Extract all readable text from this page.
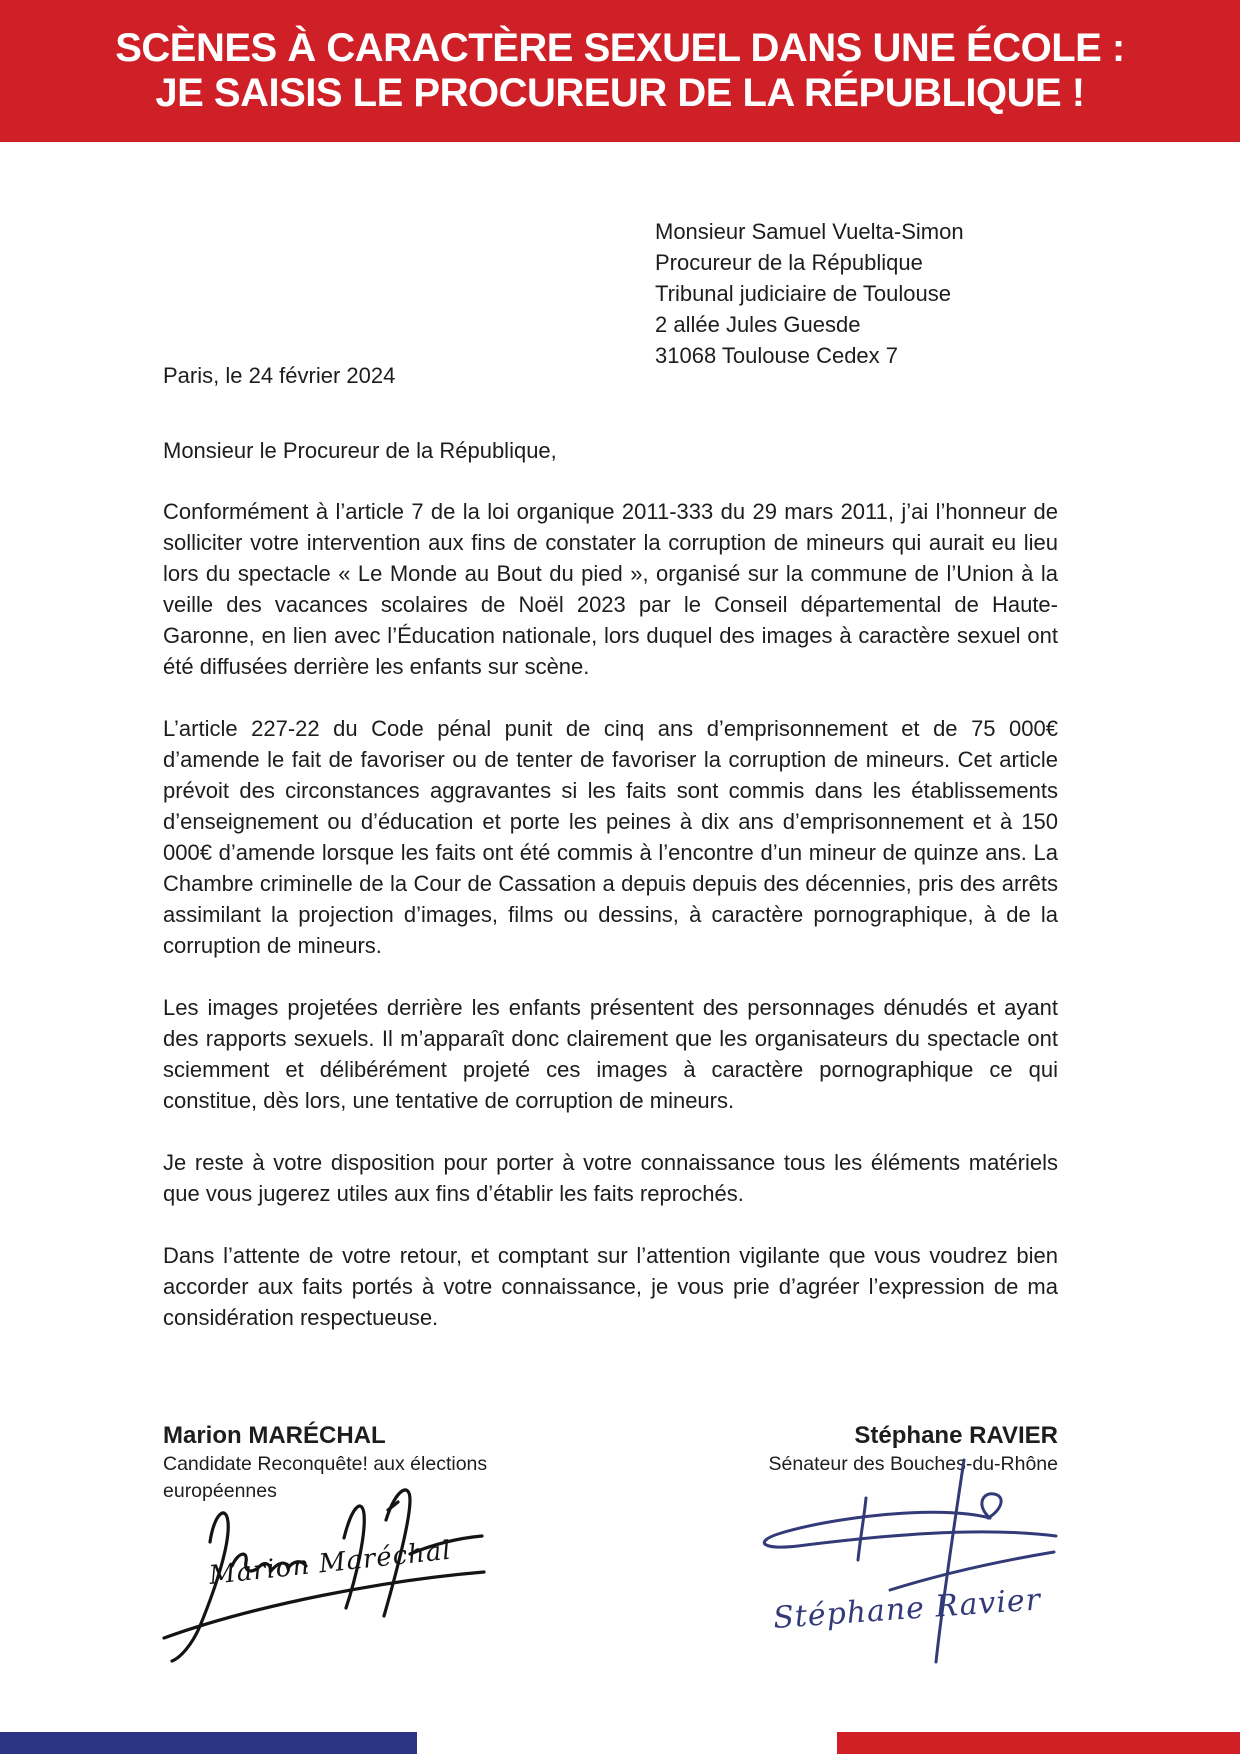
SCÈNES À CARACTÈRE SEXUEL DANS UNE ÉCOLE :
JE SAISIS LE PROCUREUR DE LA RÉPUBLIQUE !
Monsieur Samuel Vuelta-Simon
Procureur de la République
Tribunal judiciaire de Toulouse
2 allée Jules Guesde
31068 Toulouse Cedex 7
Paris, le 24 février 2024
Monsieur le Procureur de la République,

Conformément à l’article 7 de la loi organique 2011-333 du 29 mars 2011, j’ai l’honneur de solliciter votre intervention aux fins de constater la corruption de mineurs qui aurait eu lieu lors du spectacle « Le Monde au Bout du pied », organisé sur la commune de l’Union à la veille des vacances scolaires de Noël 2023 par le Conseil départemental de Haute-Garonne, en lien avec l’Éducation nationale, lors duquel des images à caractère sexuel ont été diffusées derrière les enfants sur scène.

L’article 227-22 du Code pénal punit de cinq ans d’emprisonnement et de 75 000€ d’amende le fait de favoriser ou de tenter de favoriser la corruption de mineurs. Cet article prévoit des circonstances aggravantes si les faits sont commis dans les établissements d’enseignement ou d’éducation et porte les peines à dix ans d’emprisonnement et à 150 000€ d’amende lorsque les faits ont été commis à l’encontre d’un mineur de quinze ans. La Chambre criminelle de la Cour de Cassation a depuis depuis des décennies, pris des arrêts assimilant la projection d’images, films ou dessins, à caractère pornographique, à de la corruption de mineurs.

Les images projetées derrière les enfants présentent des personnages dénudés et ayant des rapports sexuels. Il m’apparaît donc clairement que les organisateurs du spectacle ont sciemment et délibérément projeté ces images à caractère pornographique ce qui constitue, dès lors, une tentative de corruption de mineurs.

Je reste à votre disposition pour porter à votre connaissance tous les éléments matériels que vous jugerez utiles aux fins d’établir les faits reprochés.

Dans l’attente de votre retour, et comptant sur l’attention vigilante que vous voudrez bien accorder aux faits portés à votre connaissance, je vous prie d’agréer l’expression de ma considération respectueuse.

Marion MARÉCHAL
Candidate Reconquête! aux élections européennes
Stéphane RAVIER
Sénateur des Bouches-du-Rhône
Marion Maréchal
Stéphane Ravier
